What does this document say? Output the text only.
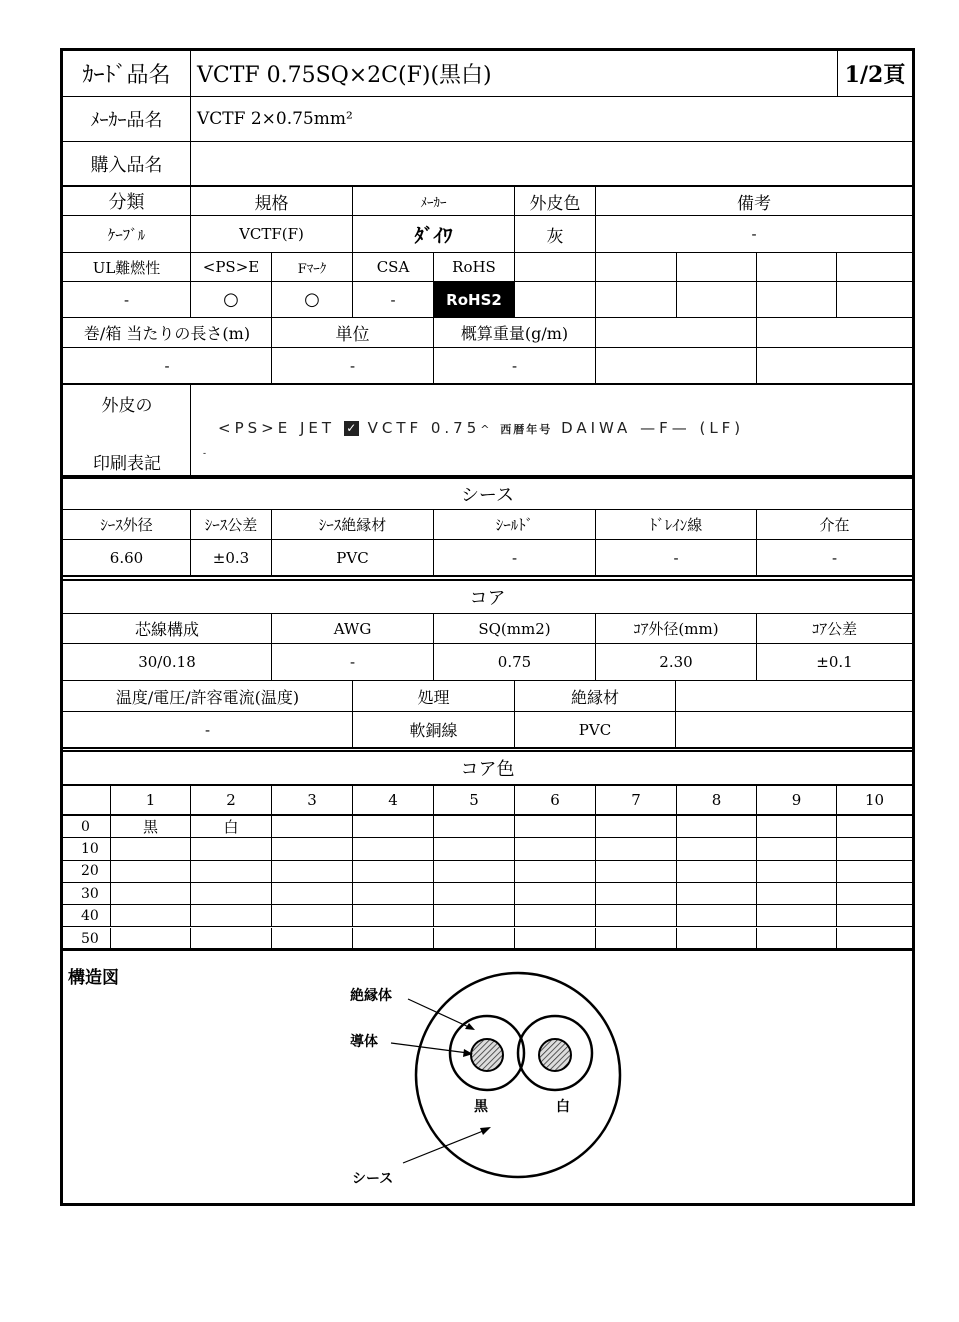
ｶｰﾄﾞ品名	VCTF 0.75SQ×2C(F)(黒白)	1/2頁
ﾒｰｶｰ品名	VCTF 2×0.75mm²
購入品名
分類	規格	ﾒｰｶｰ	外皮色	備考
ｹｰﾌﾞﾙ	VCTF(F)	ﾀﾞｲﾜ	灰	-
UL難燃性	<PS>E	Fﾏｰｸ	CSA	RoHS
-	○	○	-	RoHS2
巻/箱 当たりの長さ(m)	単位	概算重量(g/m)
-	-	-
外皮の
印刷表記
<PS>E JET ✓ VCTF 0.75^ 西暦年号 DAIWA —F— (LF)
-
シース
ｼｰｽ外径	ｼｰｽ公差	ｼｰｽ絶縁材	ｼｰﾙﾄﾞ	ﾄﾞﾚｲﾝ線	介在
6.60	±0.3	PVC	-	-	-
コア
芯線構成	AWG	SQ(mm2)	ｺｱ外径(mm)	ｺｱ公差
30/0.18	-	0.75	2.30	±0.1
温度/電圧/許容電流(温度)	処理	絶縁材
-	軟銅線	PVC
コア色
1	2	3	4	5	6	7	8	9	10
0	黒	白
10
20
30
40
50
構造図
絶縁体
導体
黒	白
シース
